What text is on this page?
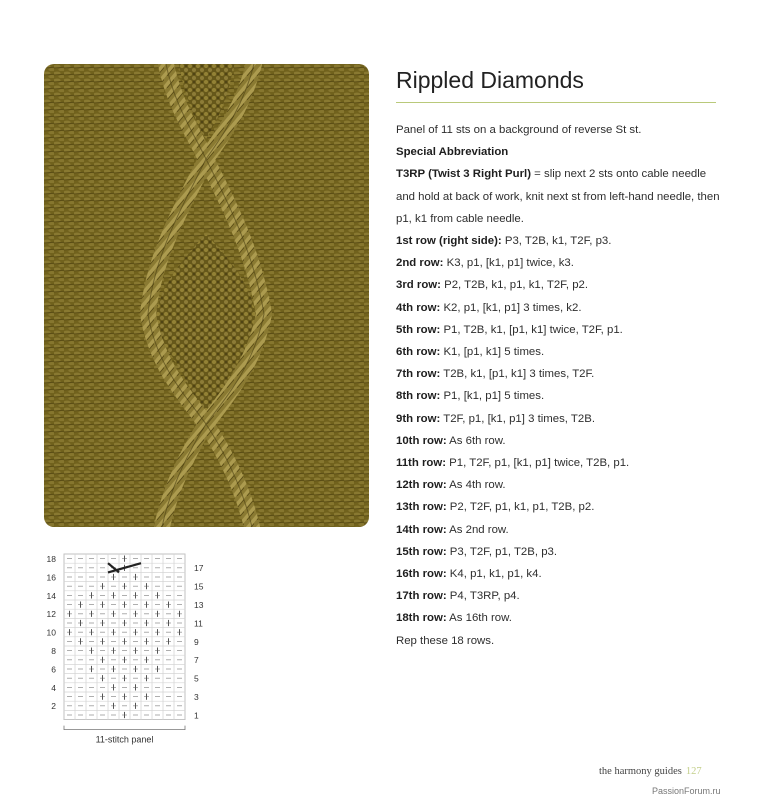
Rippled Diamonds

Panel of 11 sts on a background of reverse St st.

Special Abbreviation

T3RP (Twist 3 Right Purl) = slip next 2 sts onto cable needle and hold at back of work, knit next st from left-hand needle, then p1, k1 from cable needle.

1st row (right side): P3, T2B, k1, T2F, p3.

2nd row: K3, p1, [k1, p1] twice, k3.

3rd row: P2, T2B, k1, p1, k1, T2F, p2.

4th row: K2, p1, [k1, p1] 3 times, k2.

5th row: P1, T2B, k1, [p1, k1] twice, T2F, p1.

6th row: K1, [p1, k1] 5 times.

7th row: T2B, k1, [p1, k1] 3 times, T2F.

8th row: P1, [k1, p1] 5 times.

9th row: T2F, p1, [k1, p1] 3 times, T2B.

10th row: As 6th row.

11th row: P1, T2F, p1, [k1, p1] twice, T2B, p1.

12th row: As 4th row.

13th row: P2, T2F, p1, k1, p1, T2B, p2.

14th row: As 2nd row.

15th row: P3, T2F, p1, T2B, p3.

16th row: K4, p1, k1, p1, k4.

17th row: P4, T3RP, p4.

18th row: As 16th row.

Rep these 18 rows.

18
16
14
12
10
8
6
4
2
17
15
13
11
9
7
5
3
1
11-stitch panel
the harmony guides 127
PassionForum.ru
